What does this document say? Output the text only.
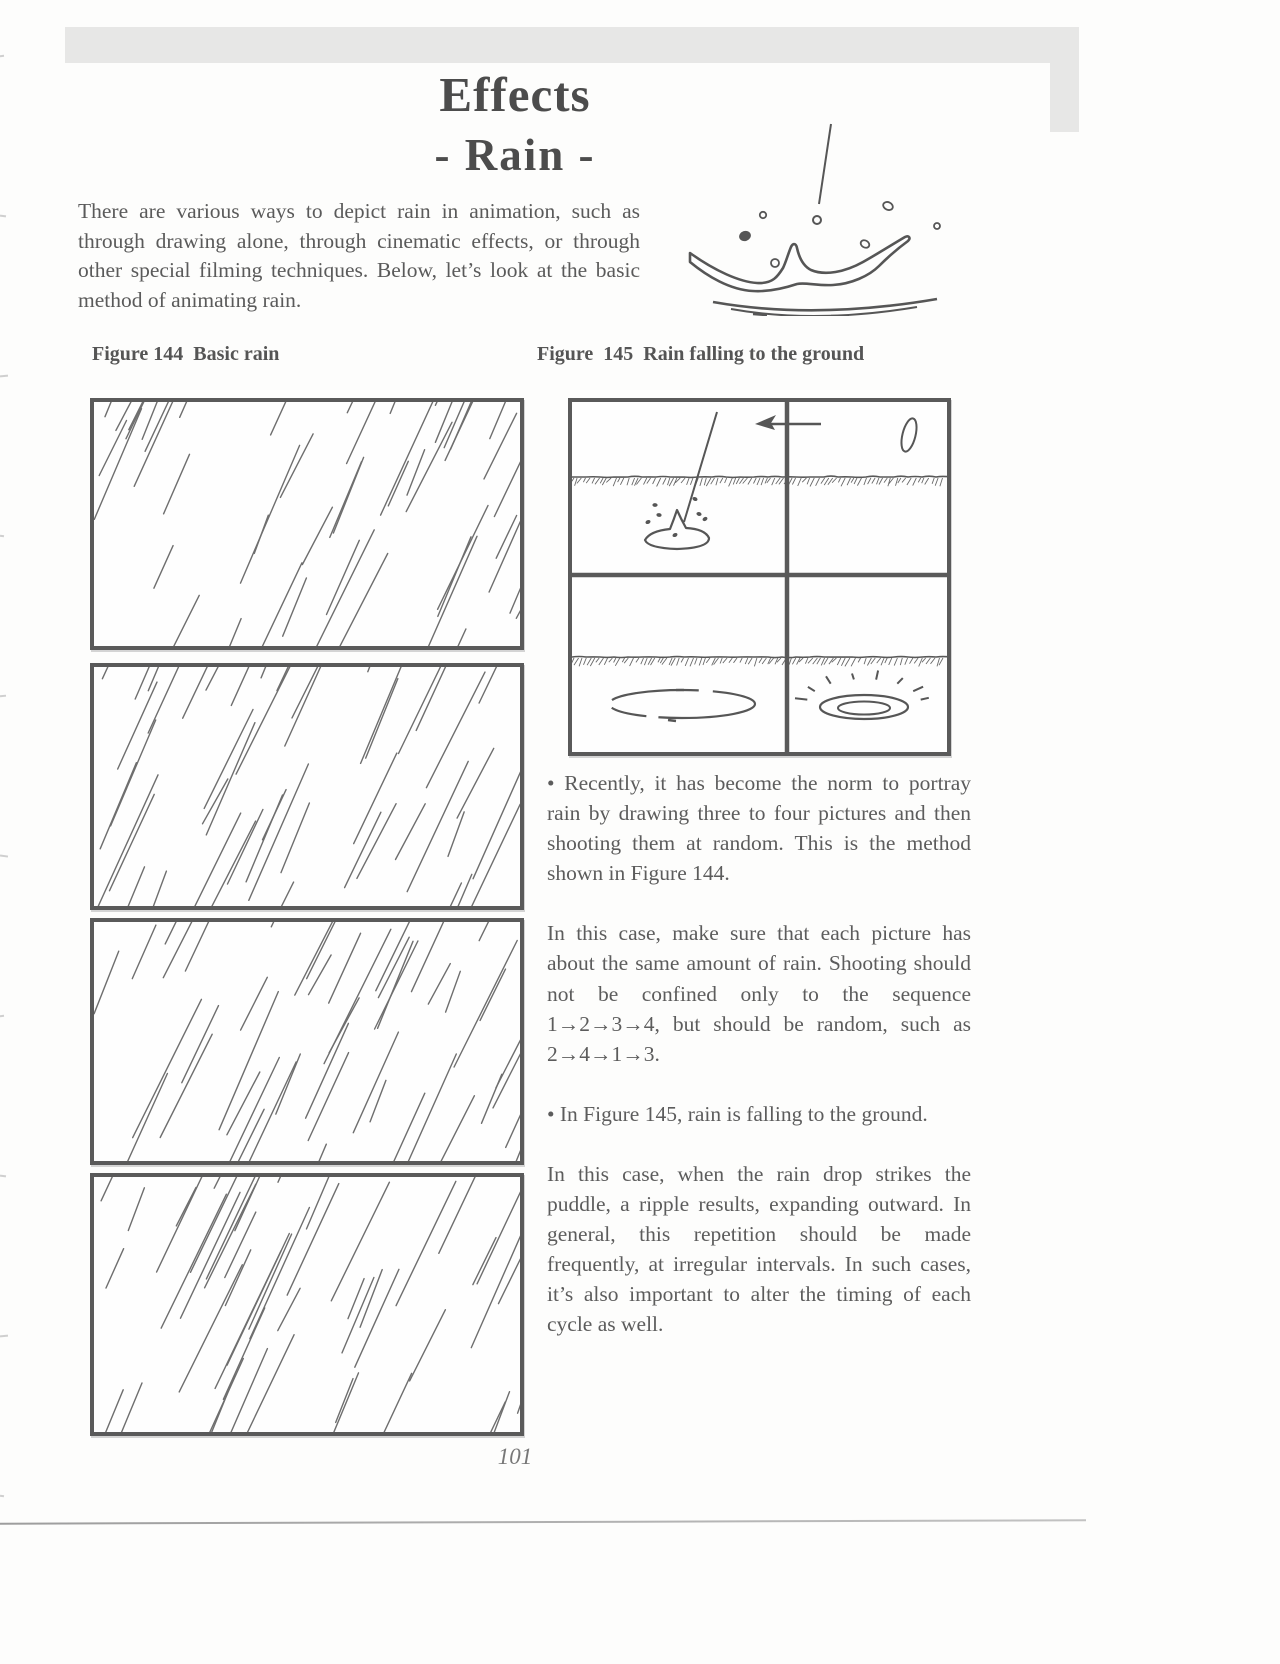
Effects
- Rain -
There are various ways to depict rain in animation, such as through drawing alone, through cinematic effects, or through other special filming techniques. Below, let’s look at the basic method of animating rain.
Figure 144  Basic rain	Figure  145  Rain falling to the ground

• Recently, it has become the norm to portray rain by drawing three to four pictures and then shooting them at random. This is the method shown in Figure 144.

In this case, make sure that each picture has about the same amount of rain. Shooting should not be confined only to the sequence 1→2→3→4, but should be random, such as 2→4→1→3.

• In Figure 145, rain is falling to the ground.

In this case, when the rain drop strikes the puddle, a ripple results, expanding outward. In general, this repetition should be made frequently, at irregular intervals. In such cases, it’s also important to alter the timing of each cycle as well.

101
